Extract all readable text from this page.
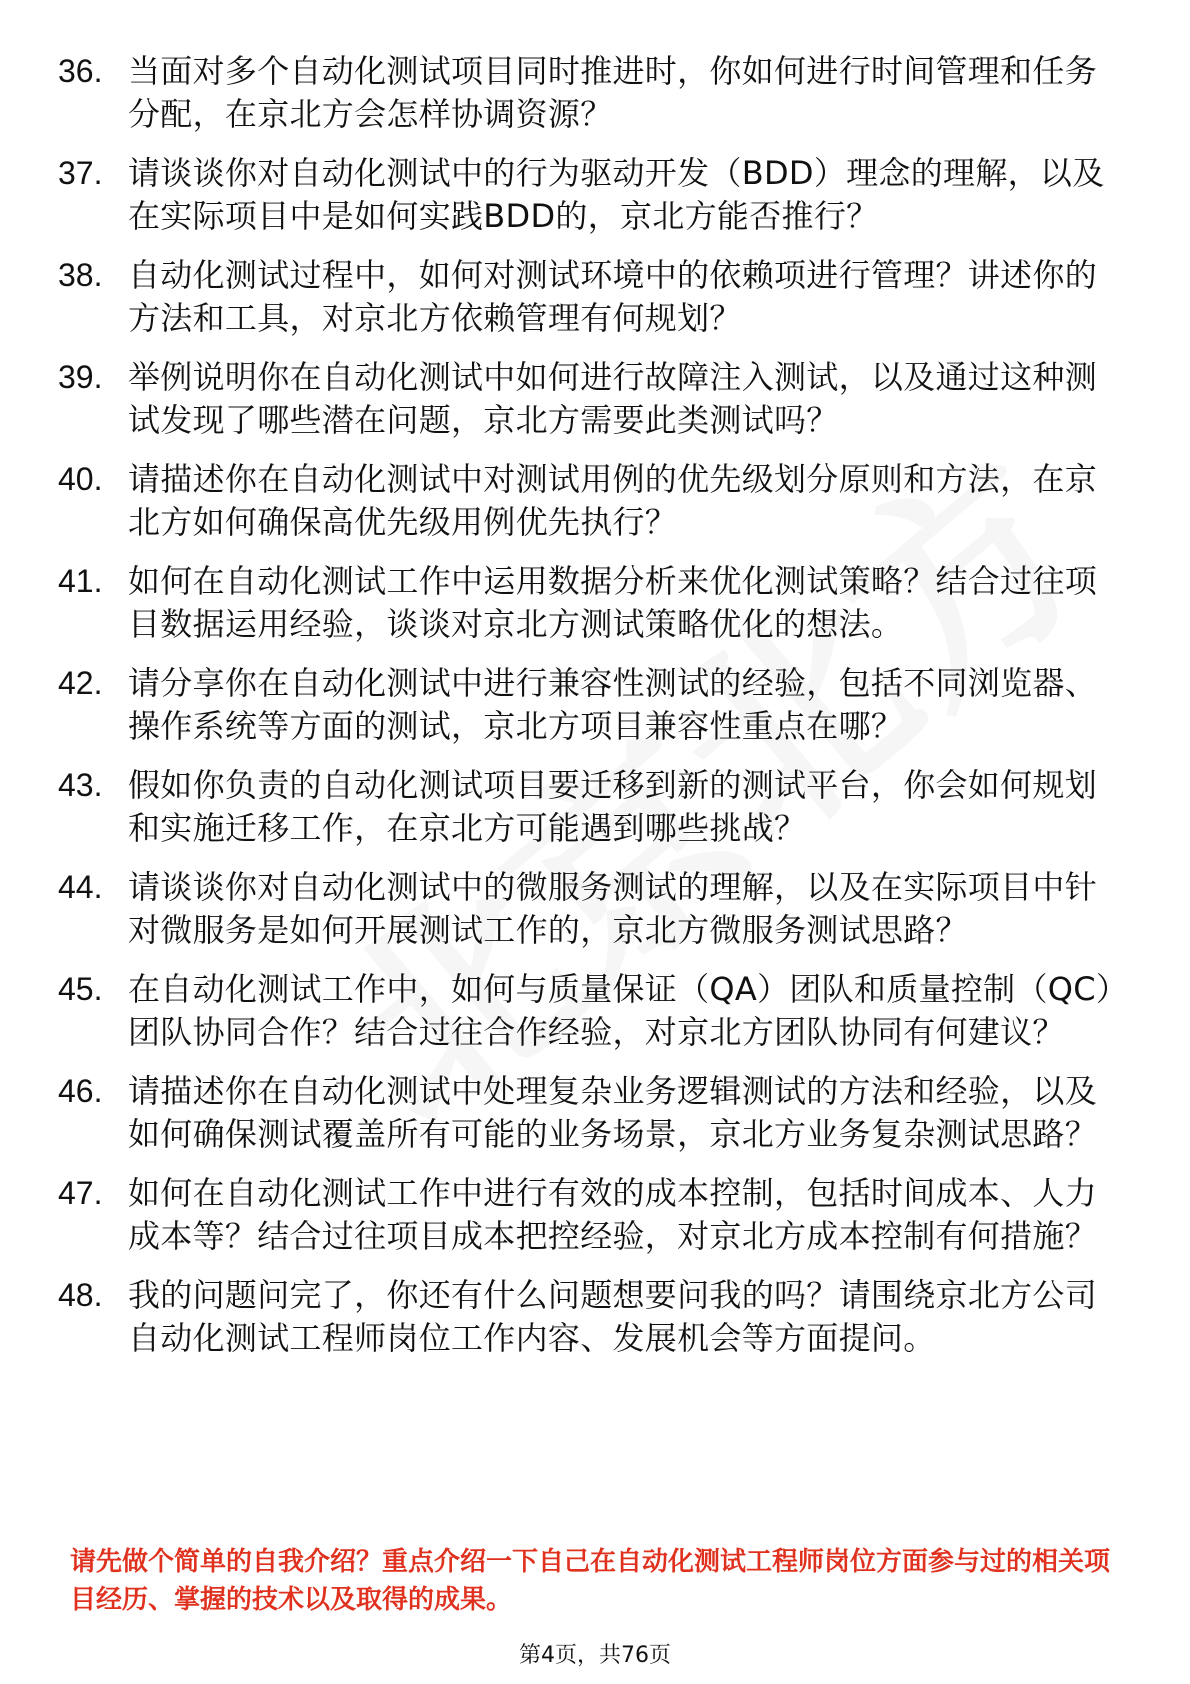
36. 当面对多个自动化测试项目同时推进时，你如何进行时间管理和任务分配，在京北方会怎样协调资源？
37. 请谈谈你对自动化测试中的行为驱动开发（BDD）理念的理解，以及在实际项目中是如何实践BDD的，京北方能否推行？
38. 自动化测试过程中，如何对测试环境中的依赖项进行管理？讲述你的方法和工具，对京北方依赖管理有何规划？
39. 举例说明你在自动化测试中如何进行故障注入测试，以及通过这种测试发现了哪些潜在问题，京北方需要此类测试吗？
40. 请描述你在自动化测试中对测试用例的优先级划分原则和方法，在京北方如何确保高优先级用例优先执行？
41. 如何在自动化测试工作中运用数据分析来优化测试策略？结合过往项目数据运用经验，谈谈对京北方测试策略优化的想法。
42. 请分享你在自动化测试中进行兼容性测试的经验，包括不同浏览器、操作系统等方面的测试，京北方项目兼容性重点在哪？
43. 假如你负责的自动化测试项目要迁移到新的测试平台，你会如何规划和实施迁移工作，在京北方可能遇到哪些挑战？
44. 请谈谈你对自动化测试中的微服务测试的理解，以及在实际项目中针对微服务是如何开展测试工作的，京北方微服务测试思路？
45. 在自动化测试工作中，如何与质量保证（QA）团队和质量控制（QC）团队协同合作？结合过往合作经验，对京北方团队协同有何建议？
46. 请描述你在自动化测试中处理复杂业务逻辑测试的方法和经验，以及如何确保测试覆盖所有可能的业务场景，京北方业务复杂测试思路？
47. 如何在自动化测试工作中进行有效的成本控制，包括时间成本、人力成本等？结合过往项目成本把控经验，对京北方成本控制有何措施？
48. 我的问题问完了，你还有什么问题想要问我的吗？请围绕京北方公司自动化测试工程师岗位工作内容、发展机会等方面提问。

请先做个简单的自我介绍？重点介绍一下自己在自动化测试工程师岗位方面参与过的相关项目经历、掌握的技术以及取得的成果。

第4页，共76页
